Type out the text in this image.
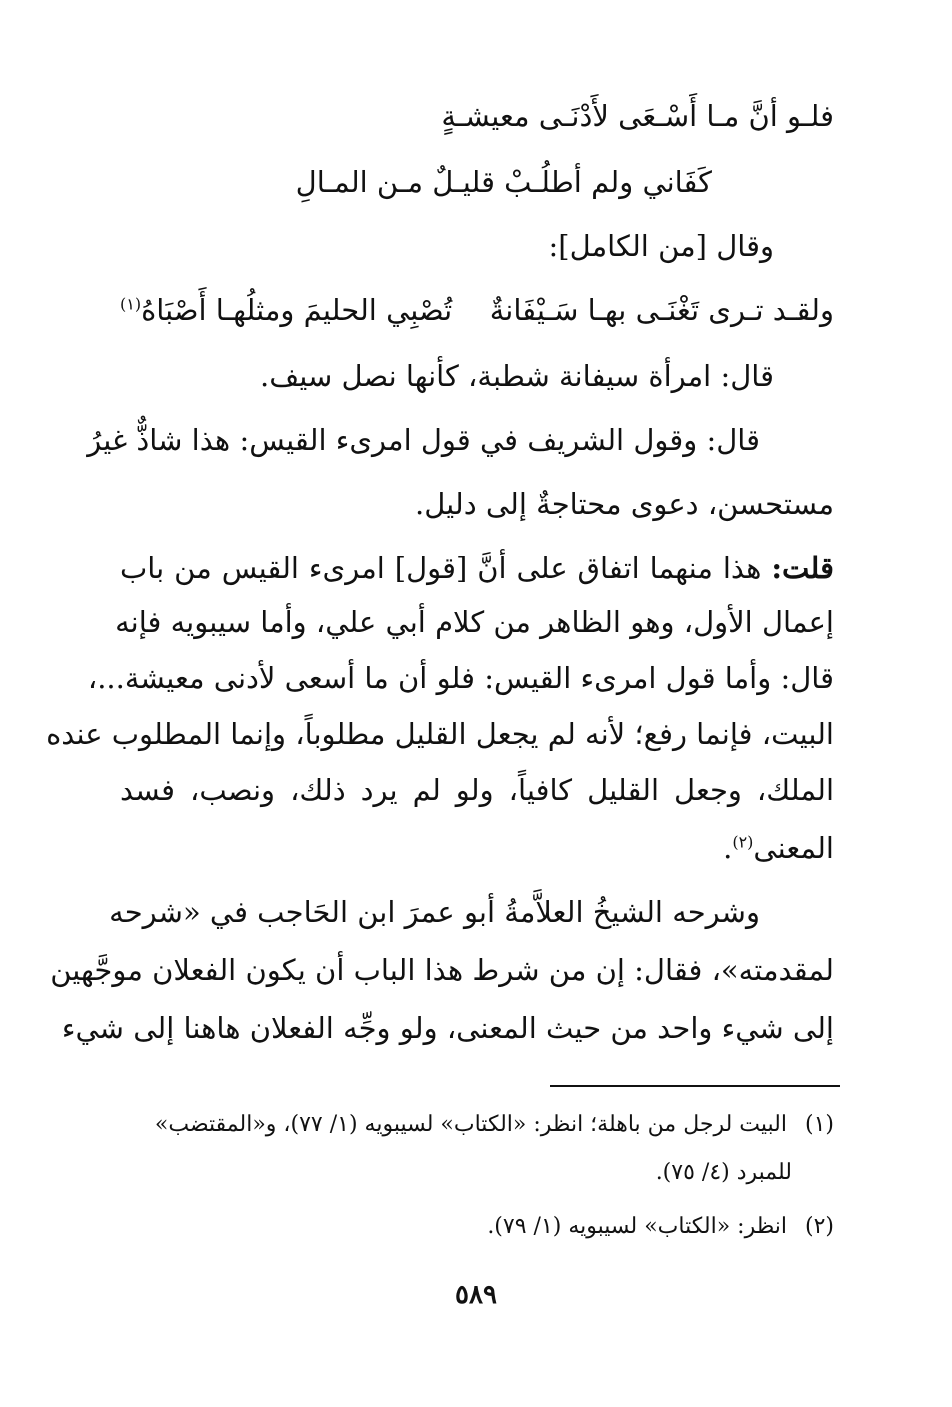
فلـو أنَّ مـا أَسْـعَى لأَدْنَـى معيشـةٍ
كَفَاني ولم أطلُـبْ قليـلٌ مـن المـالِ
وقال [من الكامل]:
ولقـد تـرى تَغْنَـى بهـا سَـيْفَانةٌ
تُصْبِي الحليمَ ومثلُهـا أَصْبَاهُ$^{(١)}$
قال: امرأة سيفانة شطبة، كأنها نصل سيف.
قال: وقول الشريف في قول امرىء القيس: هذا شاذٌّ غيرُ
مستحسن، دعوى محتاجةٌ إلى دليل.
قلت: هذا منهما اتفاق على أنَّ [قول] امرىء القيس من باب
إعمال الأول، وهو الظاهر من كلام أبي علي، وأما سيبويه فإنه
قال: وأما قول امرىء القيس: فلو أن ما أسعى لأدنى معيشة...،
البيت، فإنما رفع؛ لأنه لم يجعل القليل مطلوباً، وإنما المطلوب عنده
الملك، وجعل القليل كافياً، ولو لم يرد ذلك، ونصب، فسد
المعنى$^{(٢)}$.
وشرحه الشيخُ العلاَّمةُ أبو عمرَ ابن الحَاجب في «شرحه
لمقدمته»، فقال: إن من شرط هذا الباب أن يكون الفعلان موجَّهين
إلى شيء واحد من حيث المعنى، ولو وجِّه الفعلان هاهنا إلى شيء
(١) البيت لرجل من باهلة؛ انظر: «الكتاب» لسيبويه (١/ ٧٧)، و«المقتضب»
للمبرد (٤/ ٧٥).
(٢) انظر: «الكتاب» لسيبويه (١/ ٧٩).
٥٨٩
